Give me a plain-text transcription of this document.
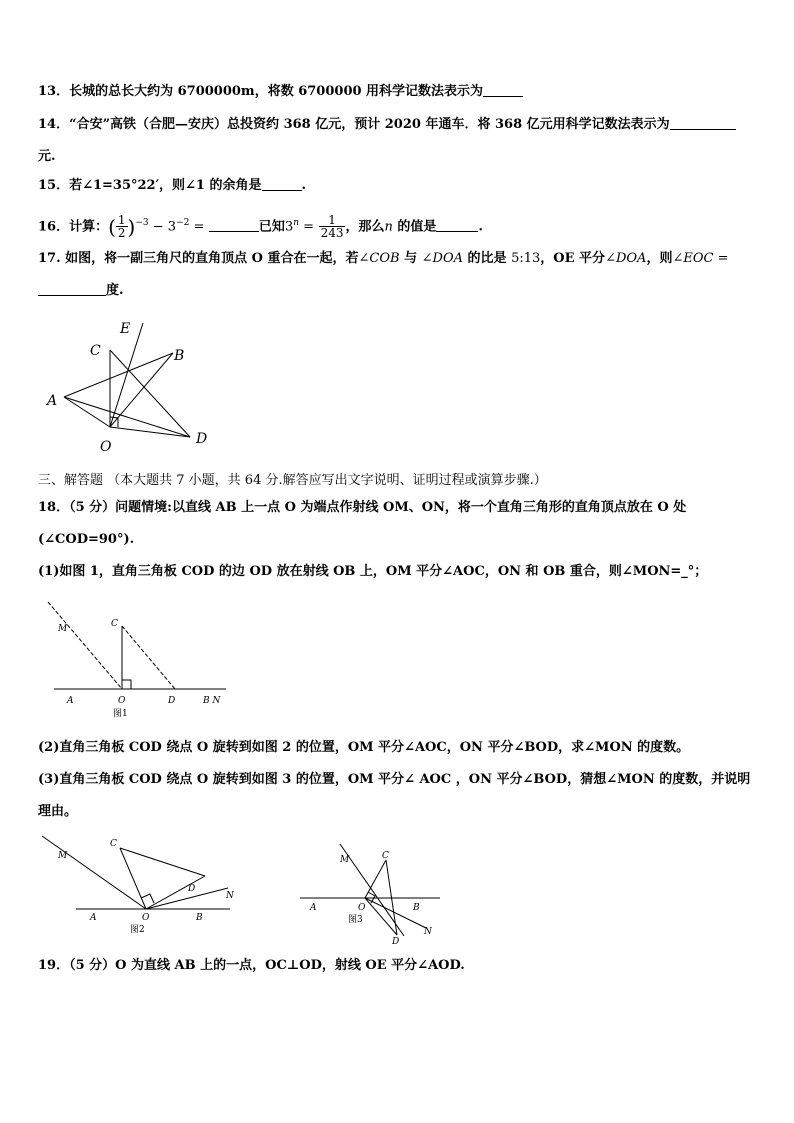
13．长城的总长大约为 6700000m，将数 6700000 用科学记数法表示为
14．“合安”高铁（合肥—安庆）总投资约 368 亿元，预计 2020 年通车．将 368 亿元用科学记数法表示为
元.
15．若∠1=35°22′，则∠1 的余角是	.
16．计算：( $\frac{1}{2} )^{-3} - 3^{-2}$ =	已知$3^n = \frac{1}{243}$ ，那么n 的值是	.
17. 如图，将一副三角尺的直角顶点 O 重合在一起，若∠COB 与 ∠DOA 的比是 5:13，OE 平分∠DOA，则∠EOC =
度.
E
C	B
A
O	D
三、解答题 （本大题共 7 小题，共 64 分.解答应写出文字说明、证明过程或演算步骤.）
18．（5 分）问题情境:以直线 AB 上一点 O 为端点作射线 OM、ON，将一个直角三角形的直角顶点放在 O 处
(∠COD=90°).
(1)如图 1，直角三角板 COD 的边 OD 放在射线 OB 上，OM 平分∠AOC，ON 和 OB 重合，则∠MON=_°；
M	C
A	O	D	B N
图1
(2)直角三角板 COD 绕点 O 旋转到如图 2 的位置，OM 平分∠AOC，ON 平分∠BOD，求∠MON 的度数。
(3)直角三角板 COD 绕点 O 旋转到如图 3 的位置，OM 平分∠ AOC ，ON 平分∠BOD，猜想∠MON 的度数，并说明
理由。
M
C
D
N
A	O	B
图2
M	C
A	O	B
D
N
图3
19．（5 分）O 为直线 AB 上的一点，OC⊥OD，射线 OE 平分∠AOD.
